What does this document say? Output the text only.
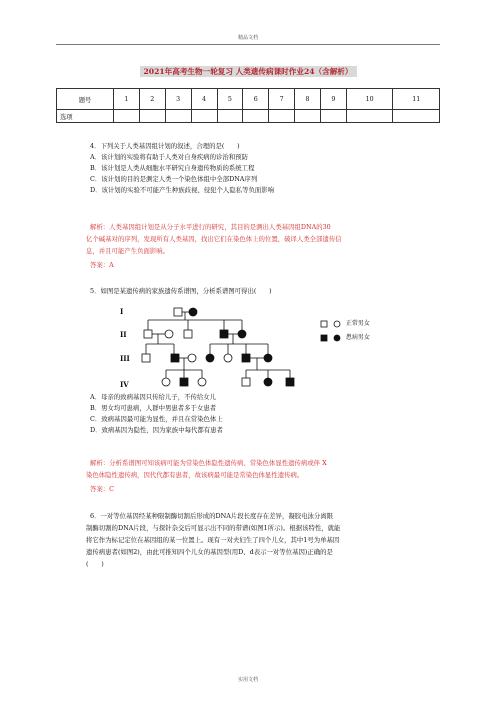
精品文档
2021年高考生物一轮复习 人类遗传病课时作业24（含解析）
题号	1	2	3	4	5	6	7	8	9	10	11
选项											

4．下列关于人类基因组计划的叙述，合理的是(　　)

A．该计划的实验将有助于人类对自身疾病的诊治和预防

B．该计划是人类从细胞水平研究自身遗传物质的系统工程

C．该计划的目的是测定人类一个染色体组中全部DNA序列

D．该计划的实验不可能产生种族歧视、侵犯个人隐私等负面影响

解析：人类基因组计划是从分子水平进行的研究，其目的是测出人类基因组DNA的30

亿个碱基对的序列，发现所有人类基因，找出它们在染色体上的位置，破译人类全部遗传信

息，并且可能产生负面影响。

答案：A

5．如图是某遗传病的家族遗传系谱图，分析系谱图可得出(　　)
I
II
III
IV
正常男女
患病男女

A．母亲的致病基因只传给儿子，不传给女儿

B．男女均可患病，人群中男患者多于女患者

C．致病基因最可能为显性，并且在常染色体上

D．致病基因为隐性，因为家族中每代都有患者

解析：分析系谱图可知该病可能为常染色体隐性遗传病、常染色体显性遗传病或伴 X

染色体隐性遗传病，因代代都有患者，故该病最可能是常染色体显性遗传病。

答案：C

6．一对等位基因经某种限制酶切割后形成的DNA片段长度存在差异，凝胶电泳分离限

制酶切割的DNA片段，与探针杂交后可显示出不同的带谱(如图1所示)。根据该特性，就能

将它作为标记定位在基因组的某一位置上。现有一对夫妇生了四个儿女，其中1号为单基因

遗传病患者(如图2)，由此可推知四个儿女的基因型(用D、d表示一对等位基因)正确的是

(　　)

实用文档
